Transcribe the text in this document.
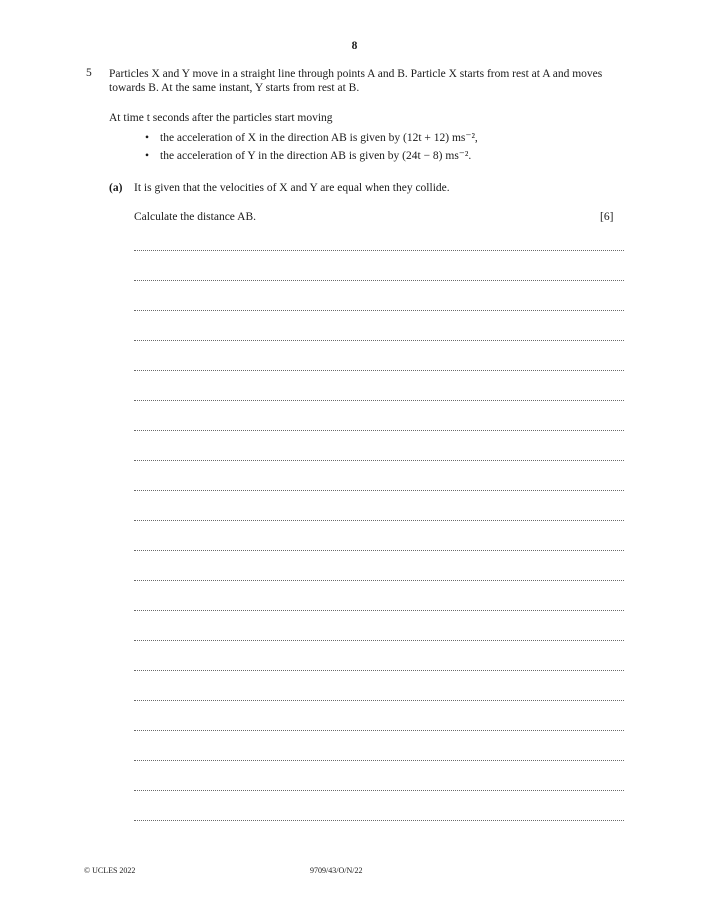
8
5 Particles X and Y move in a straight line through points A and B. Particle X starts from rest at A and moves towards B. At the same instant, Y starts from rest at B.
At time t seconds after the particles start moving
• the acceleration of X in the direction AB is given by (12t + 12) ms⁻²,
• the acceleration of Y in the direction AB is given by (24t − 8) ms⁻².
(a) It is given that the velocities of X and Y are equal when they collide.
Calculate the distance AB.	[6]
© UCLES 2022	9709/43/O/N/22
